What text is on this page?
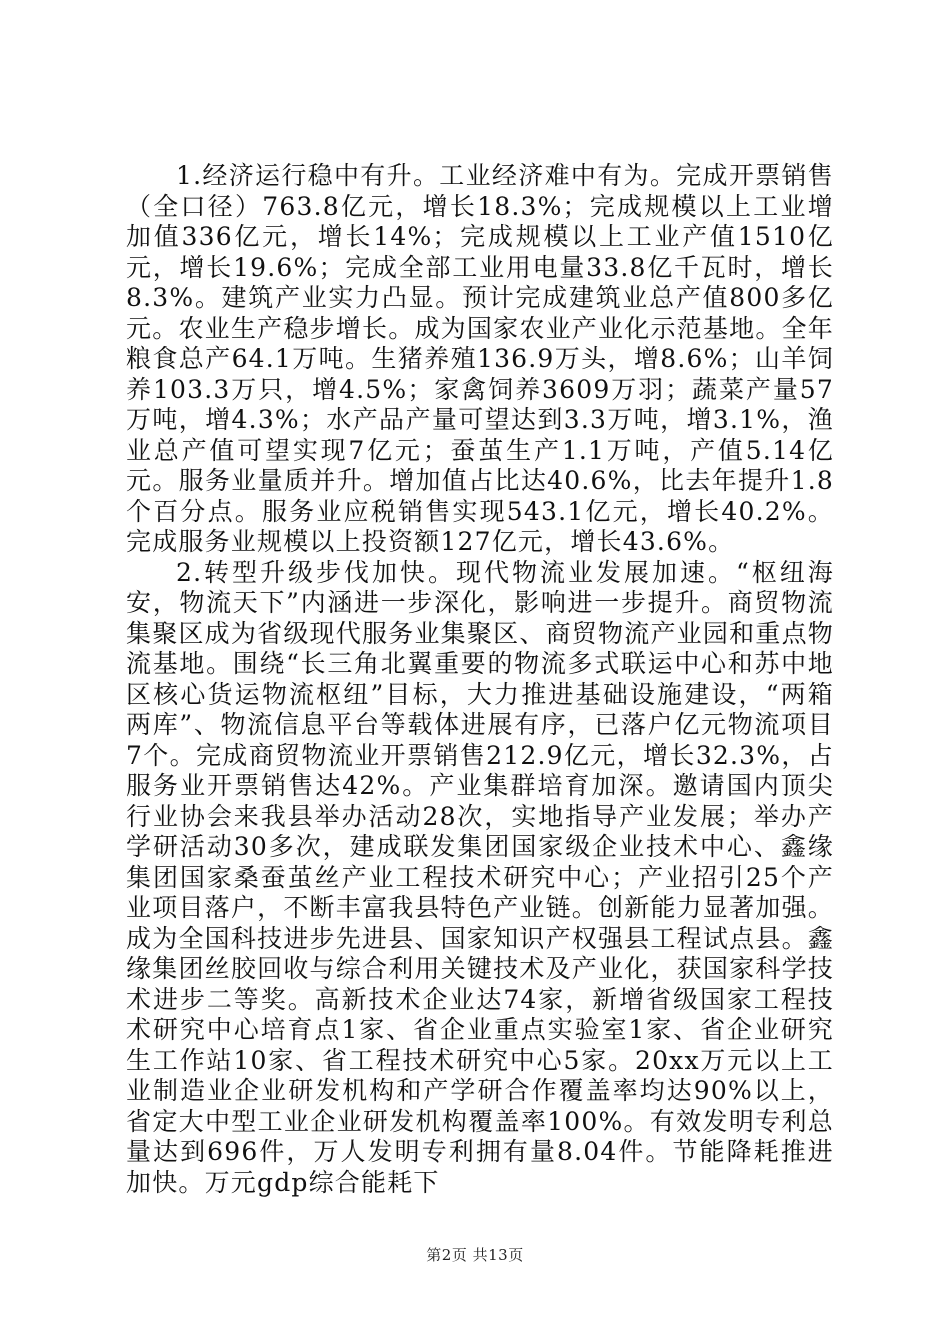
1.经济运行稳中有升。工业经济难中有为。完成开票销售（全口径）763.8亿元，增长18.3%；完成规模以上工业增加值336亿元，增长14%；完成规模以上工业产值1510亿元，增长19.6%；完成全部工业用电量33.8亿千瓦时，增长8.3%。建筑产业实力凸显。预计完成建筑业总产值800多亿元。农业生产稳步增长。成为国家农业产业化示范基地。全年粮食总产64.1万吨。生猪养殖136.9万头，增8.6%；山羊饲养103.3万只，增4.5%；家禽饲养3609万羽；蔬菜产量57万吨，增4.3%；水产品产量可望达到3.3万吨，增3.1%，渔业总产值可望实现7亿元；蚕茧生产1.1万吨，产值5.14亿元。服务业量质并升。增加值占比达40.6%，比去年提升1.8个百分点。服务业应税销售实现543.1亿元，增长40.2%。完成服务业规模以上投资额127亿元，增长43.6%。

2.转型升级步伐加快。现代物流业发展加速。“枢纽海安，物流天下”内涵进一步深化，影响进一步提升。商贸物流集聚区成为省级现代服务业集聚区、商贸物流产业园和重点物流基地。围绕“长三角北翼重要的物流多式联运中心和苏中地区核心货运物流枢纽”目标，大力推进基础设施建设，“两箱两库”、物流信息平台等载体进展有序，已落户亿元物流项目7个。完成商贸物流业开票销售212.9亿元，增长32.3%，占服务业开票销售达42%。产业集群培育加深。邀请国内顶尖行业协会来我县举办活动28次，实地指导产业发展；举办产学研活动30多次，建成联发集团国家级企业技术中心、鑫缘集团国家桑蚕茧丝产业工程技术研究中心；产业招引25个产业项目落户，不断丰富我县特色产业链。创新能力显著加强。成为全国科技进步先进县、国家知识产权强县工程试点县。鑫缘集团丝胶回收与综合利用关键技术及产业化，获国家科学技术进步二等奖。高新技术企业达74家，新增省级国家工程技术研究中心培育点1家、省企业重点实验室1家、省企业研究生工作站10家、省工程技术研究中心5家。20xx万元以上工业制造业企业研发机构和产学研合作覆盖率均达90%以上，省定大中型工业企业研发机构覆盖率100%。有效发明专利总量达到696件，万人发明专利拥有量8.04件。节能降耗推进加快。万元gdp综合能耗下

第2页 共13页
